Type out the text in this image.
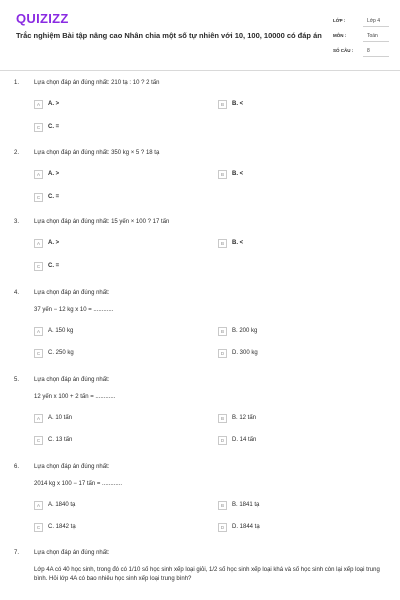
QUIZIZZ
Trắc nghiệm Bài tập nâng cao Nhân chia một số tự nhiên với 10, 100, 10000 có đáp án
LỚP :	Lớp 4
MÔN :	Toán
SỐ CÂU :	8
1. Lựa chọn đáp án đúng nhất: 210 tạ : 10 ? 2 tấn
A	A. >	B	B. <
C	C. =
2. Lựa chọn đáp án đúng nhất: 350 kg × 5 ? 18 tạ
A	A. >	B	B. <
C	C. =
3. Lựa chọn đáp án đúng nhất: 15 yến × 100 ? 17 tấn
A	A. >	B	B. <
C	C. =
4. Lựa chọn đáp án đúng nhất:
37 yến − 12 kg x 10 = ............
A	A. 150 kg	B	B. 200 kg
C	C. 250 kg	D	D. 300 kg
5. Lựa chọn đáp án đúng nhất:
12 yến x 100 + 2 tấn = ............
A	A. 10 tấn	B	B. 12 tấn
C	C. 13 tấn	D	D. 14 tấn
6. Lựa chọn đáp án đúng nhất:
2014 kg x 100 − 17 tấn = ............
A	A. 1840 tạ	B	B. 1841 tạ
C	C. 1842 tạ	D	D. 1844 tạ
7. Lựa chọn đáp án đúng nhất:
Lớp 4A có 40 học sinh, trong đó có 1/10 số học sinh xếp loại giỏi, 1/2 số học sinh xếp loại khá và số học sinh còn lại xếp loại trung bình. Hỏi lớp 4A có bao nhiêu học sinh xếp loại trung bình?
